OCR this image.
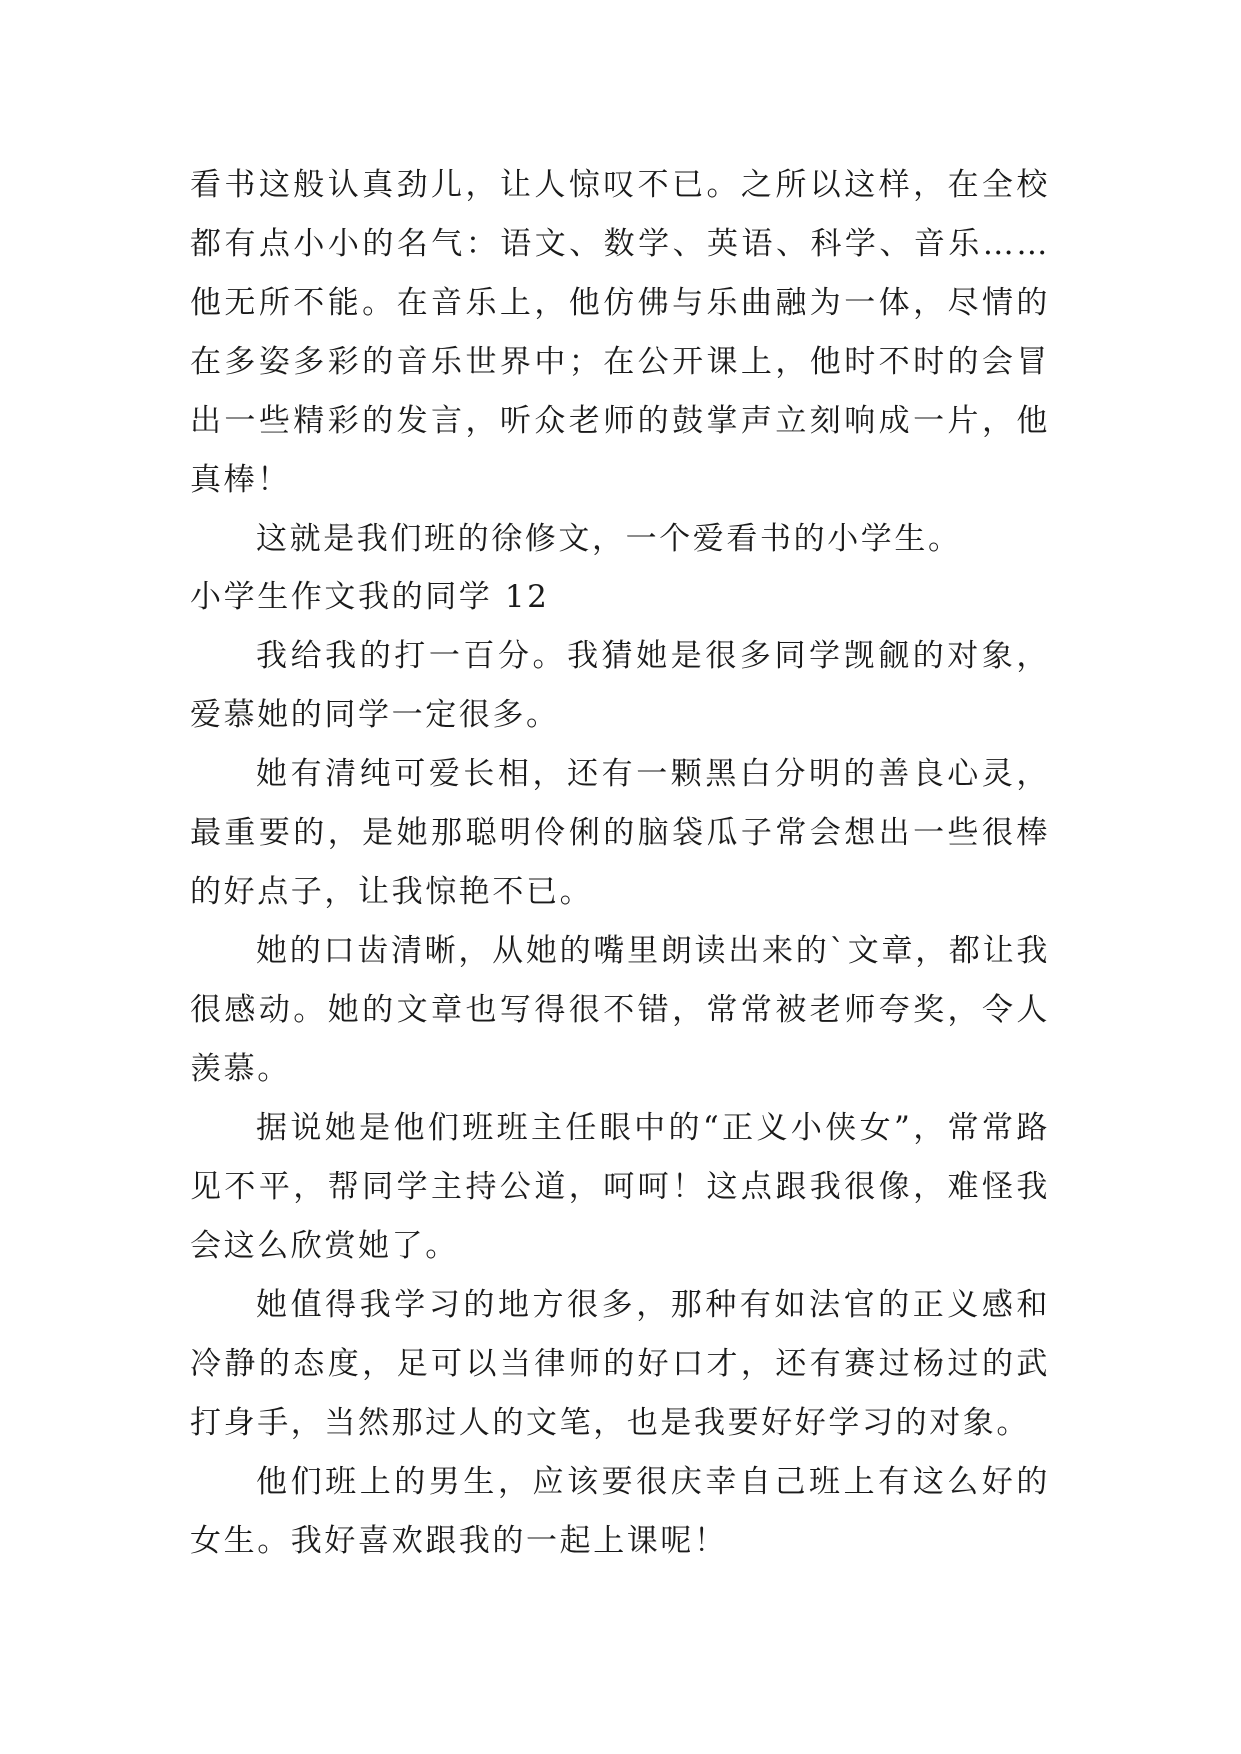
看书这般认真劲儿，让人惊叹不已。之所以这样，在全校都有点小小的名气：语文、数学、英语、科学、音乐……他无所不能。在音乐上，他仿佛与乐曲融为一体，尽情的在多姿多彩的音乐世界中；在公开课上，他时不时的会冒出一些精彩的发言，听众老师的鼓掌声立刻响成一片，他真棒！

这就是我们班的徐修文，一个爱看书的小学生。

小学生作文我的同学 12

我给我的打一百分。我猜她是很多同学觊觎的对象，爱慕她的同学一定很多。

她有清纯可爱长相，还有一颗黑白分明的善良心灵，最重要的，是她那聪明伶俐的脑袋瓜子常会想出一些很棒的好点子，让我惊艳不已。

她的口齿清晰，从她的嘴里朗读出来的`文章，都让我很感动。她的文章也写得很不错，常常被老师夸奖，令人羡慕。

据说她是他们班班主任眼中的“正义小侠女”，常常路见不平，帮同学主持公道，呵呵！这点跟我很像，难怪我会这么欣赏她了。

她值得我学习的地方很多，那种有如法官的正义感和冷静的态度，足可以当律师的好口才，还有赛过杨过的武打身手，当然那过人的文笔，也是我要好好学习的对象。

他们班上的男生，应该要很庆幸自己班上有这么好的女生。我好喜欢跟我的一起上课呢！
